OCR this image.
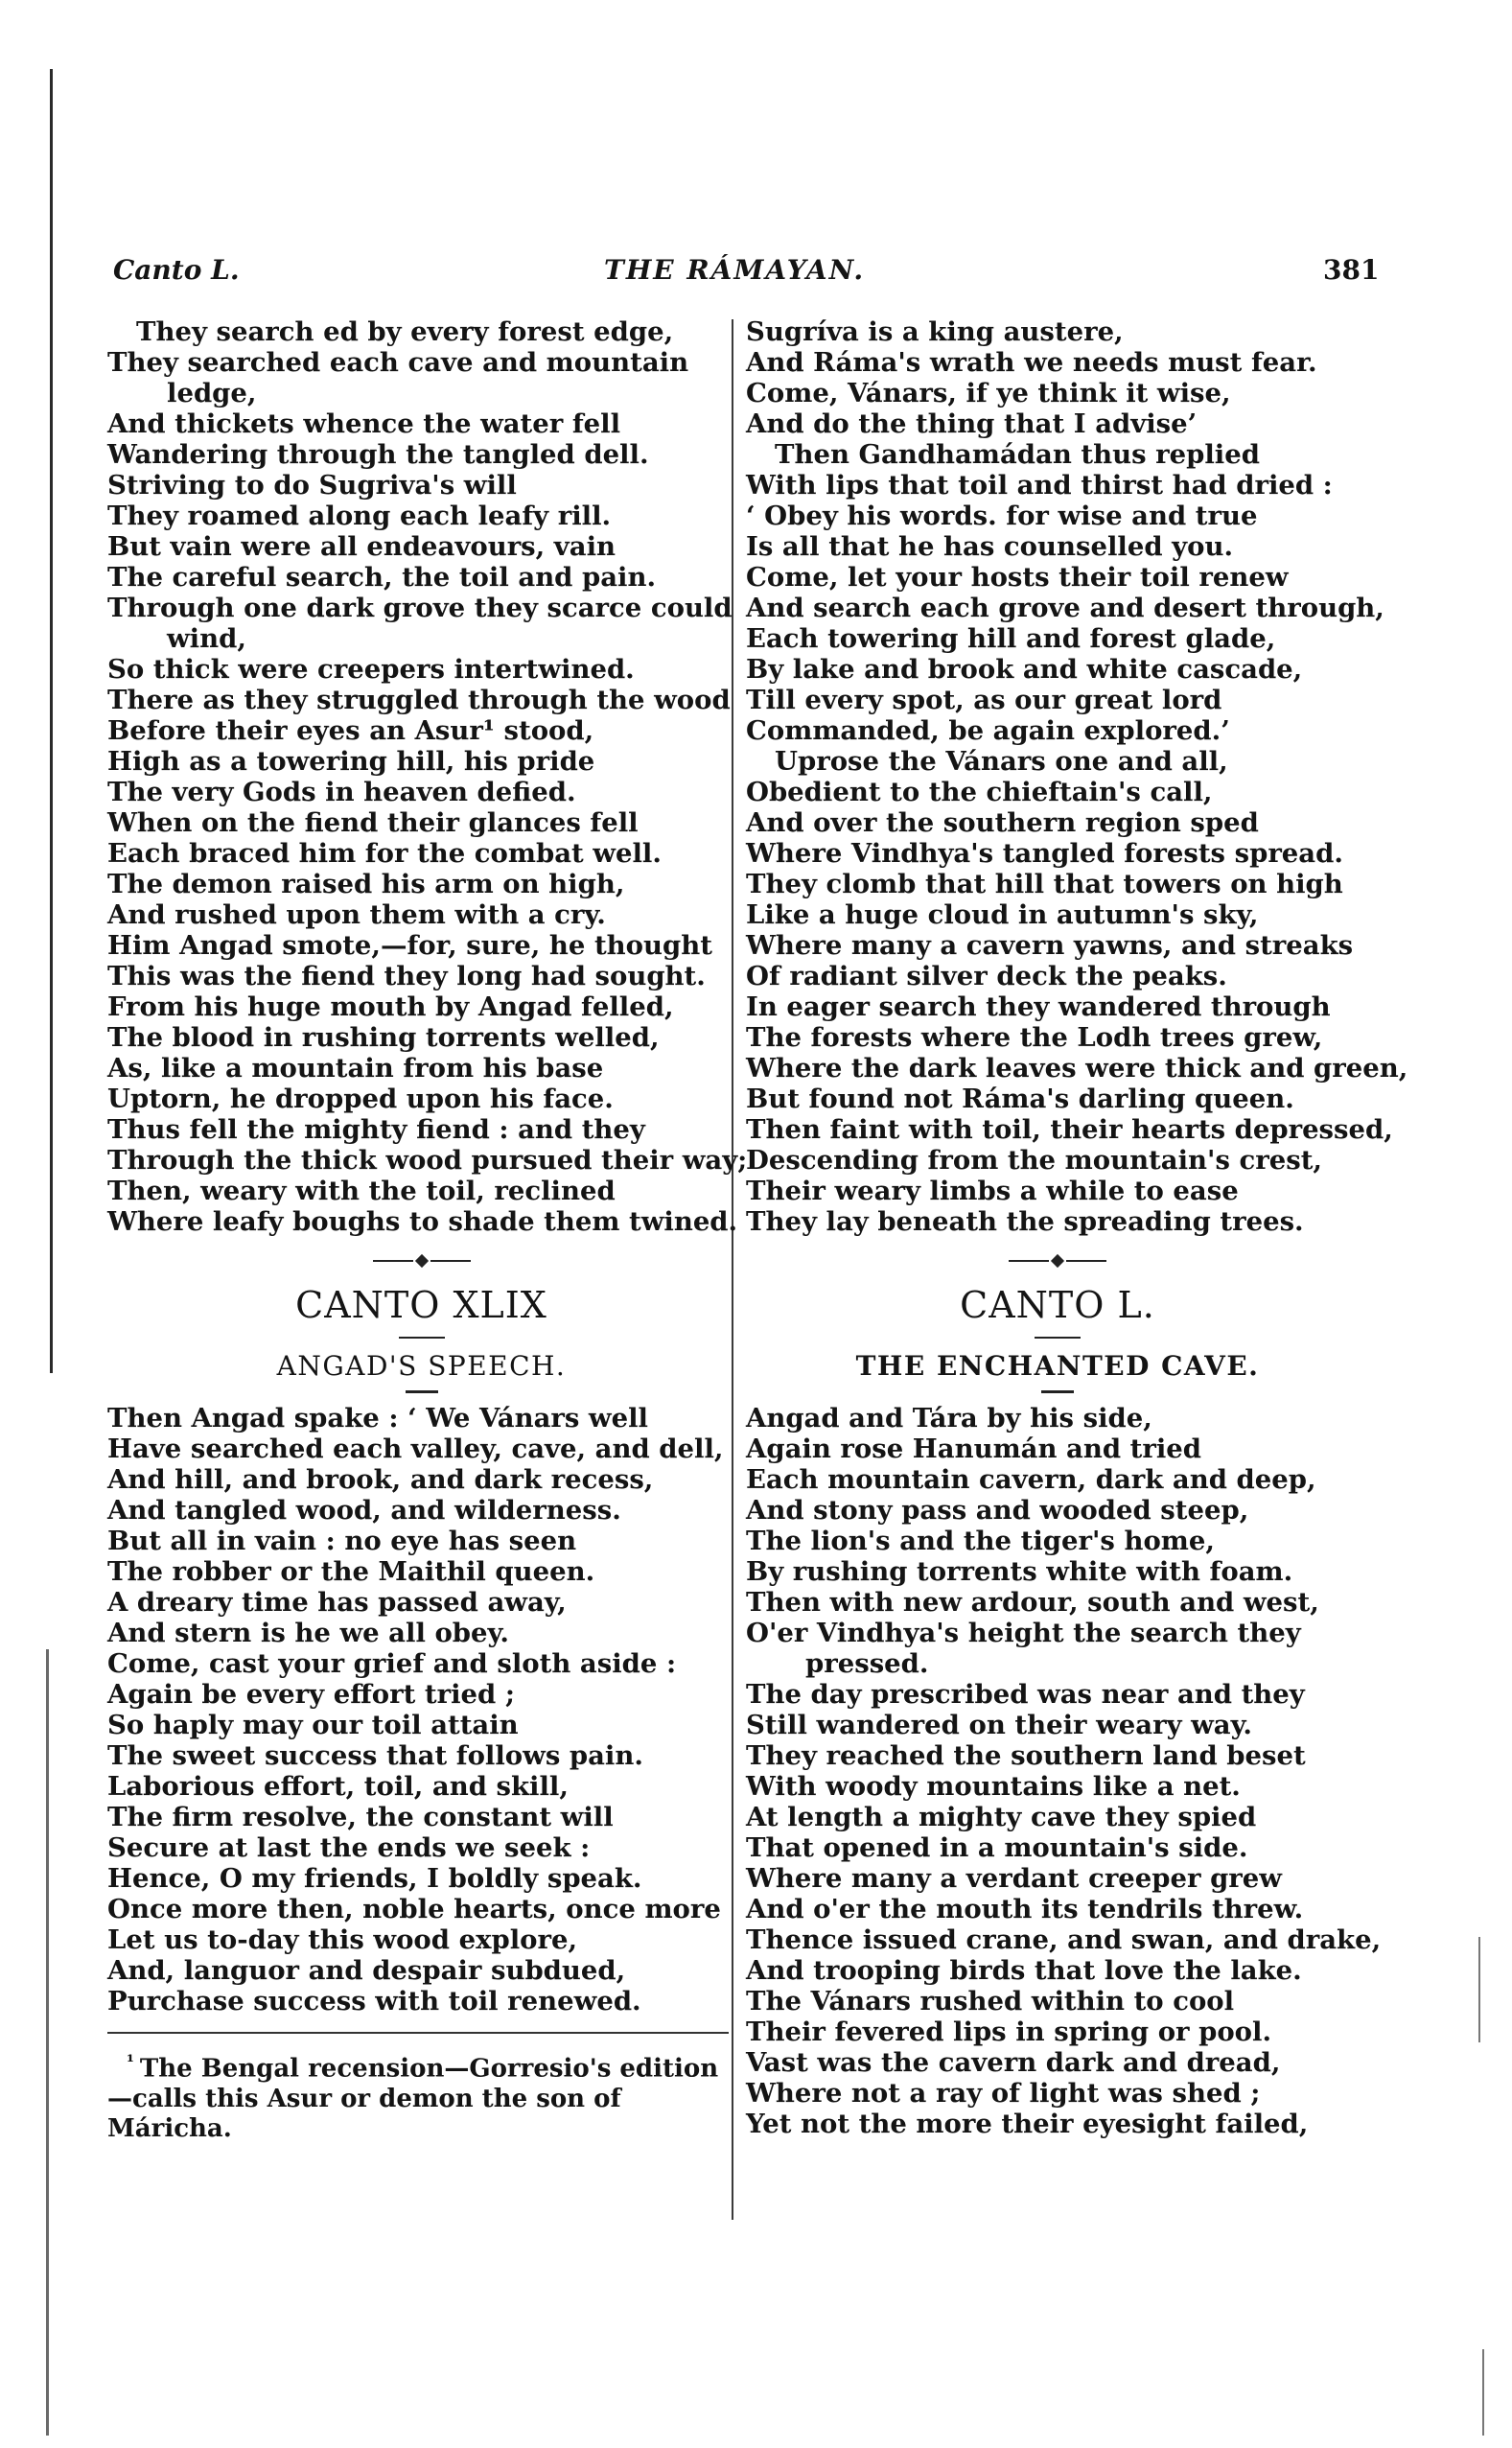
Canto L.	THE RÁMAYAN.	381

They search ed by every forest edge,

They searched each cave and mountain

ledge,

And thickets whence the water fell

Wandering through the tangled dell.

Striving to do Sugriva's will

They roamed along each leafy rill.

But vain were all endeavours, vain

The careful search, the toil and pain.

Through one dark grove they scarce could

wind,

So thick were creepers intertwined.

There as they struggled through the wood

Before their eyes an Asur¹ stood,

High as a towering hill, his pride

The very Gods in heaven defied.

When on the fiend their glances fell

Each braced him for the combat well.

The demon raised his arm on high,

And rushed upon them with a cry.

Him Angad smote,—for, sure, he thought

This was the fiend they long had sought.

From his huge mouth by Angad felled,

The blood in rushing torrents welled,

As, like a mountain from his base

Uptorn, he dropped upon his face.

Thus fell the mighty fiend : and they

Through the thick wood pursued their way;

Then, weary with the toil, reclined

Where leafy boughs to shade them twined.

CANTO XLIX
ANGAD'S SPEECH.

Then Angad spake : ‘ We Vánars well

Have searched each valley, cave, and dell,

And hill, and brook, and dark recess,

And tangled wood, and wilderness.

But all in vain : no eye has seen

The robber or the Maithil queen.

A dreary time has passed away,

And stern is he we all obey.

Come, cast your grief and sloth aside :

Again be every effort tried ;

So haply may our toil attain

The sweet success that follows pain.

Laborious effort, toil, and skill,

The firm resolve, the constant will

Secure at last the ends we seek :

Hence, O my friends, I boldly speak.

Once more then, noble hearts, once more

Let us to-day this wood explore,

And, languor and despair subdued,

Purchase success with toil renewed.

$^{^1}$ The Bengal recension—Gorresio's edition—calls this Asur or demon the son of Máricha.

Sugríva is a king austere,

And Ráma's wrath we needs must fear.

Come, Vánars, if ye think it wise,

And do the thing that I advise’

Then Gandhamádan thus replied

With lips that toil and thirst had dried :

‘ Obey his words. for wise and true

Is all that he has counselled you.

Come, let your hosts their toil renew

And search each grove and desert through,

Each towering hill and forest glade,

By lake and brook and white cascade,

Till every spot, as our great lord

Commanded, be again explored.’

Uprose the Vánars one and all,

Obedient to the chieftain's call,

And over the southern region sped

Where Vindhya's tangled forests spread.

They clomb that hill that towers on high

Like a huge cloud in autumn's sky,

Where many a cavern yawns, and streaks

Of radiant silver deck the peaks.

In eager search they wandered through

The forests where the Lodh trees grew,

Where the dark leaves were thick and green,

But found not Ráma's darling queen.

Then faint with toil, their hearts depressed,

Descending from the mountain's crest,

Their weary limbs a while to ease

They lay beneath the spreading trees.

CANTO L.
THE ENCHANTED CAVE.

Angad and Tára by his side,

Again rose Hanumán and tried

Each mountain cavern, dark and deep,

And stony pass and wooded steep,

The lion's and the tiger's home,

By rushing torrents white with foam.

Then with new ardour, south and west,

O'er Vindhya's height the search they

pressed.

The day prescribed was near and they

Still wandered on their weary way.

They reached the southern land beset

With woody mountains like a net.

At length a mighty cave they spied

That opened in a mountain's side.

Where many a verdant creeper grew

And o'er the mouth its tendrils threw.

Thence issued crane, and swan, and drake,

And trooping birds that love the lake.

The Vánars rushed within to cool

Their fevered lips in spring or pool.

Vast was the cavern dark and dread,

Where not a ray of light was shed ;

Yet not the more their eyesight failed,
